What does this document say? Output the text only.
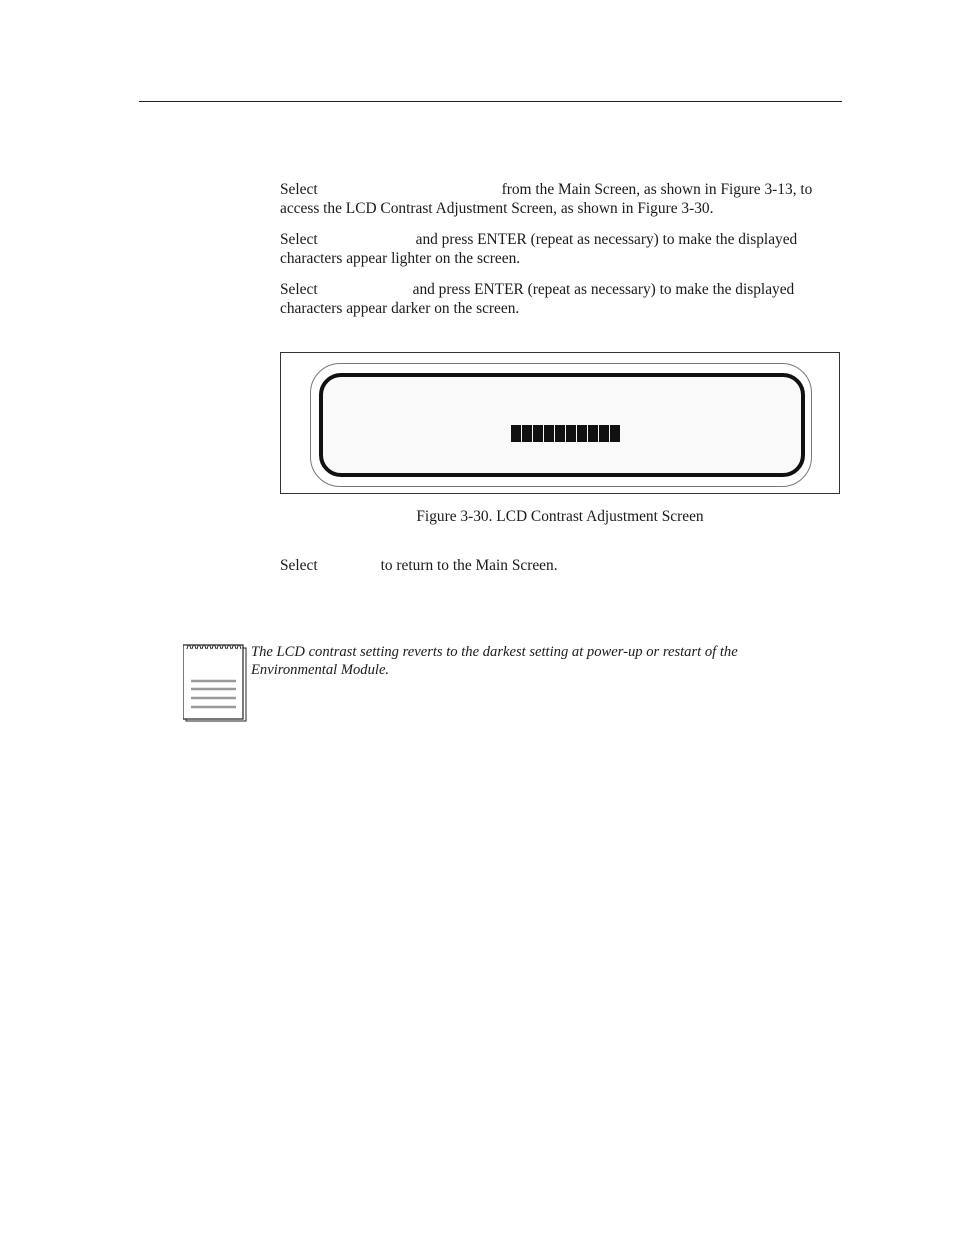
Select	from the Main Screen, as shown in Figure 3-13, to
access the LCD Contrast Adjustment Screen, as shown in Figure 3-30.
Select	and press ENTER (repeat as necessary) to make the displayed
characters appear lighter on the screen.
Select	and press ENTER (repeat as necessary) to make the displayed
characters appear darker on the screen.
Figure 3-30. LCD Contrast Adjustment Screen
Select	to return to the Main Screen.
The LCD contrast setting reverts to the darkest setting at power-up or restart of the Environmental Module.
